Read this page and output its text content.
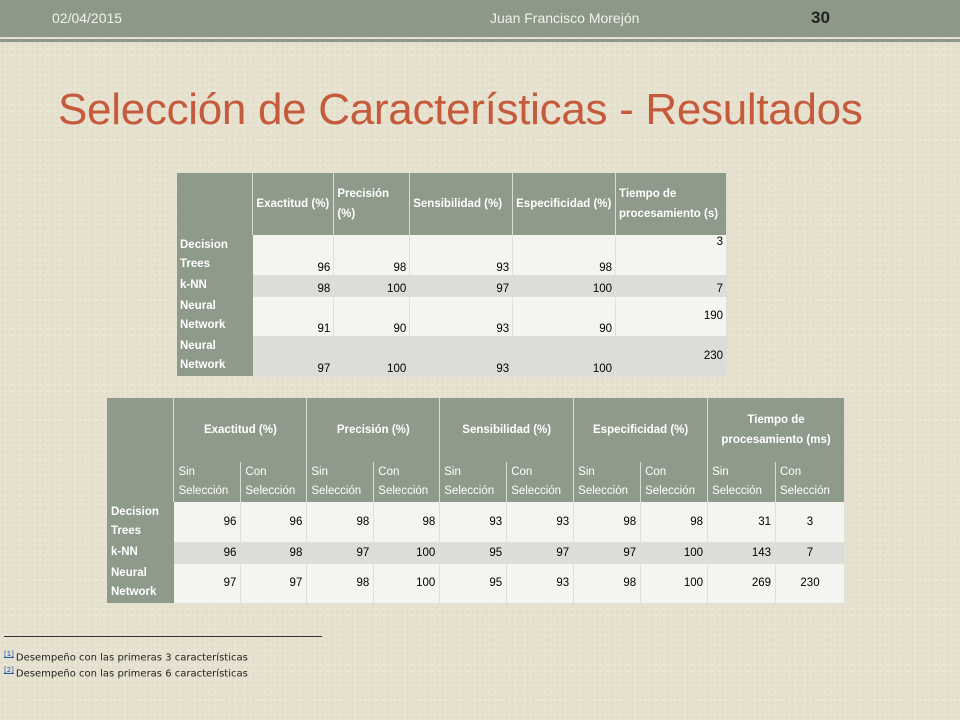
02/04/2015	Juan Francisco Morejón	30
Selección de Características - Resultados
	Exactitud (%)	Precisión (%)	Sensibilidad (%)	Especificidad (%)	Tiempo de procesamiento (s)
Decision Trees	96	98	93	98	3
k-NN	98	100	97	100	7
Neural Network	91	90	93	90	190
Neural Network	97	100	93	100	230
	Exactitud (%)		Precisión (%)		Sensibilidad (%)		Especificidad (%)		Tiempo de procesamiento (ms)	
	Sin Selección	Con Selección	Sin Selección	Con Selección	Sin Selección	Con Selección	Sin Selección	Con Selección	Sin Selección	Con Selección
Decision Trees	96	96	98	98	93	93	98	98	31	3
k-NN	96	98	97	100	95	97	97	100	143	7
Neural Network	97	97	98	100	95	93	98	100	269	230
[1] Desempeño con las primeras 3 características
[2] Desempeño con las primeras 6 características
